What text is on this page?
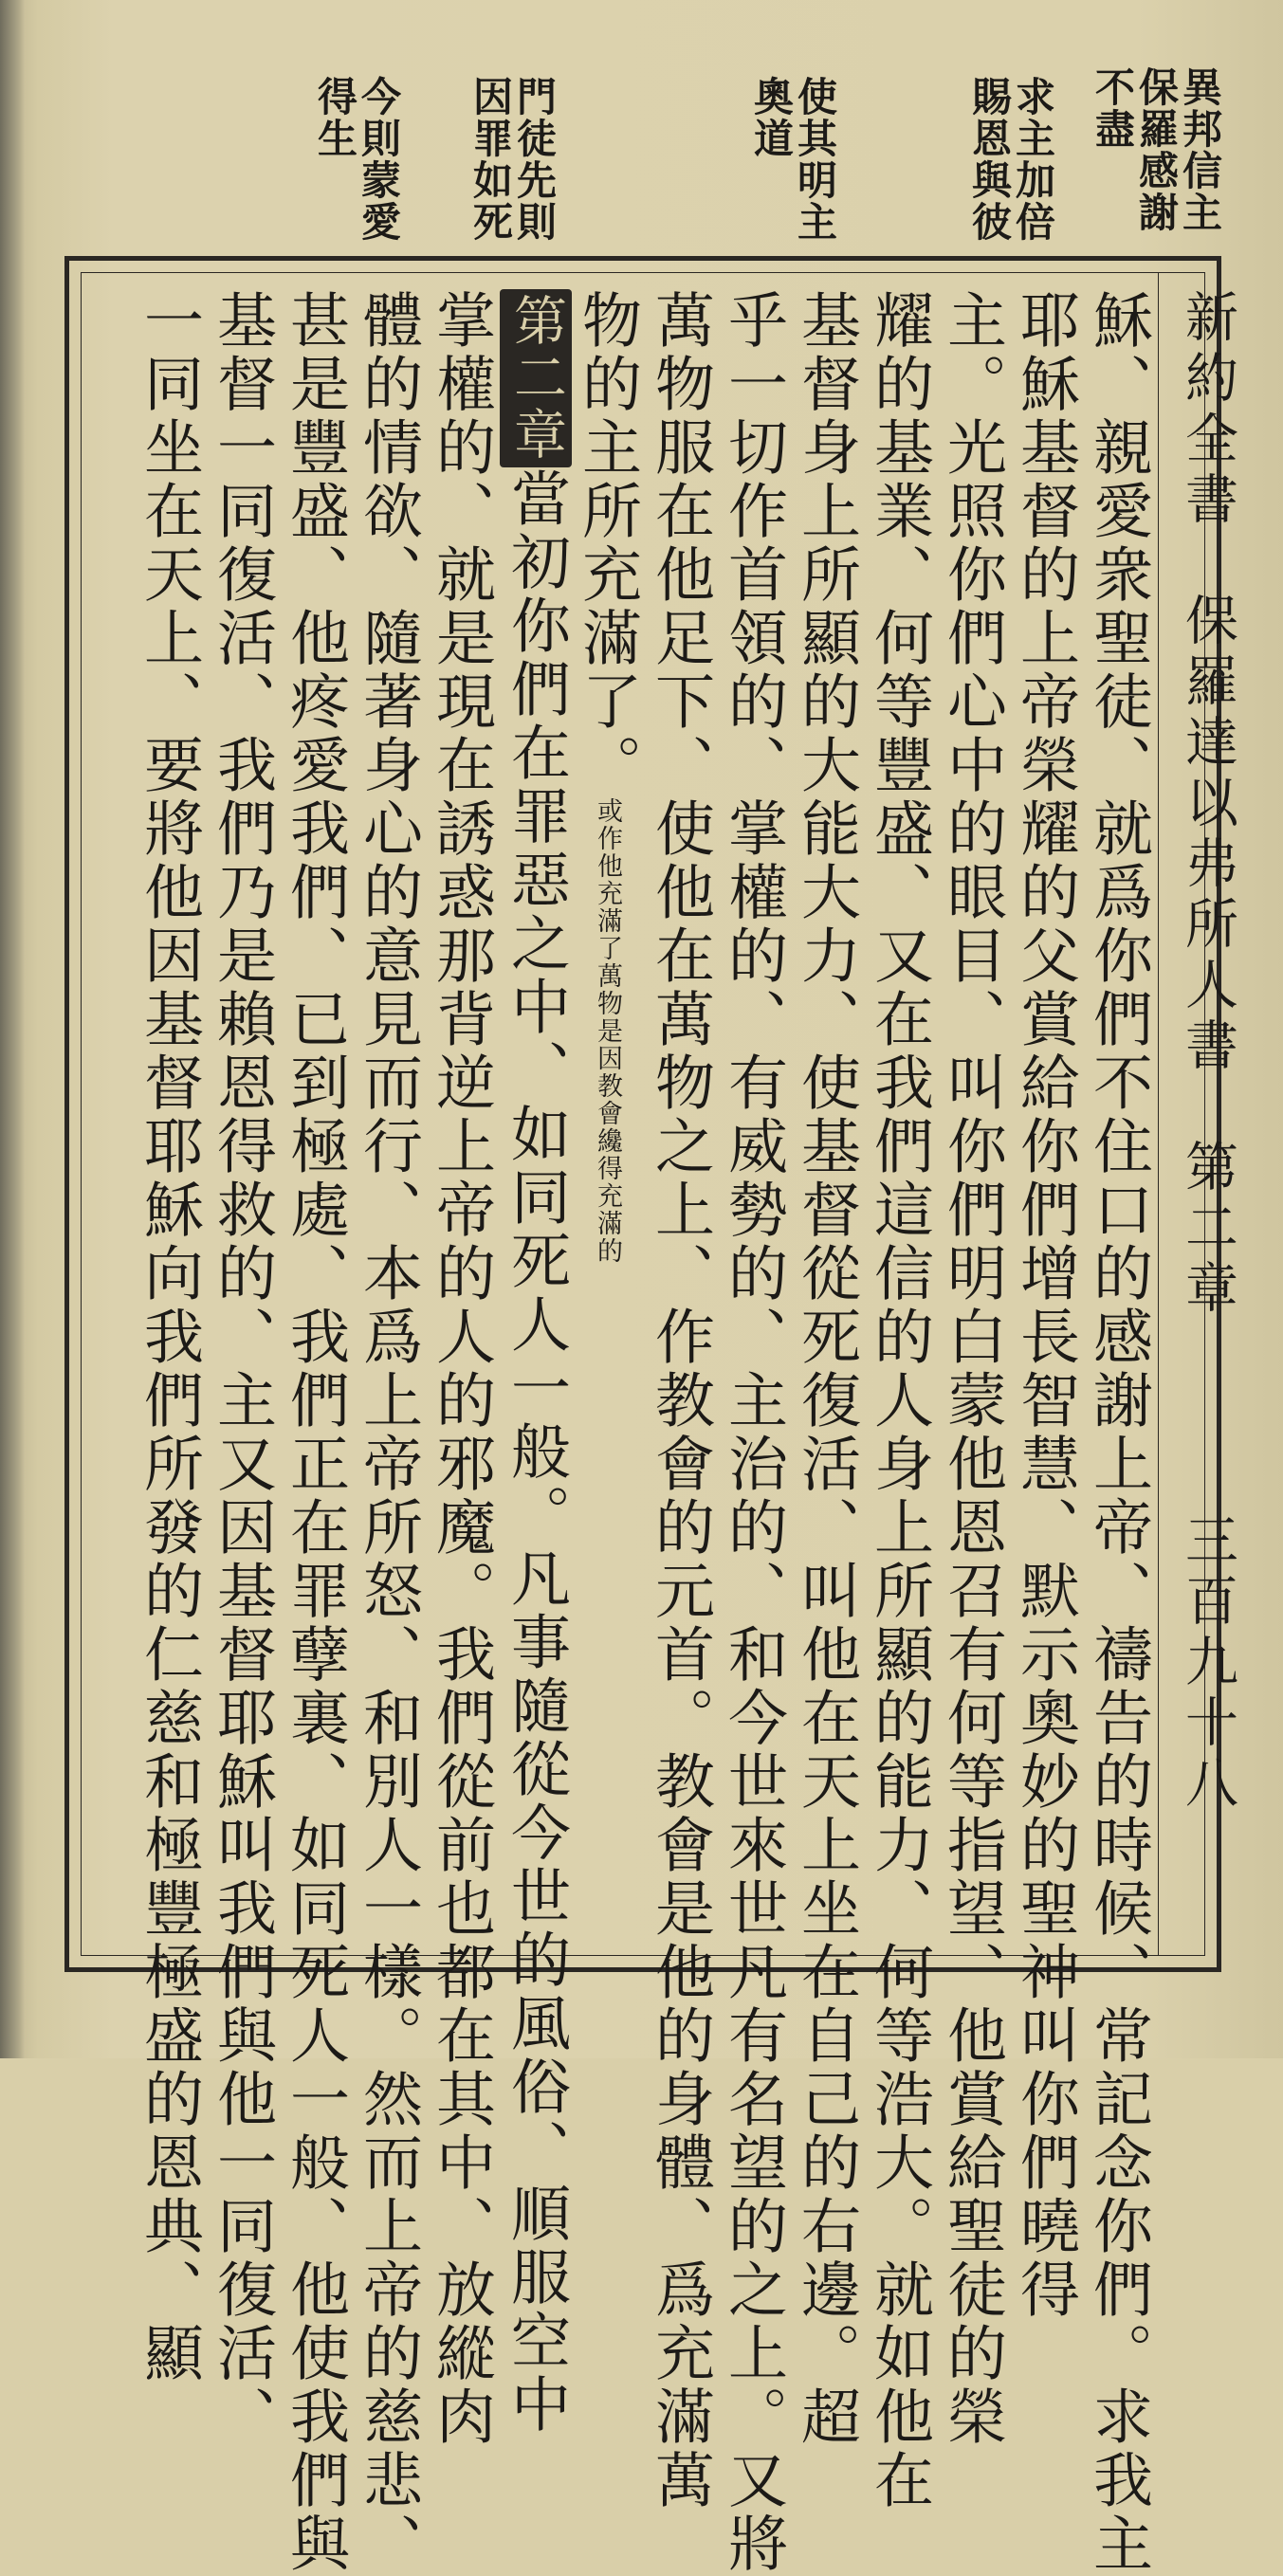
異邦信主保羅感謝不盡
求主加倍賜恩與彼
使其明主奧道
門徒先則因罪如死
今則蒙愛得生
新約全書　保羅達以弗所人書　第二章
三百九十八
穌、親愛衆聖徒、就爲你們不住口的感謝上帝、禱告的時候、常記念你們。求我主
耶穌基督的上帝榮耀的父賞給你們增長智慧、默示奧妙的聖神叫你們曉得
主。光照你們心中的眼目、叫你們明白蒙他恩召有何等指望、他賞給聖徒的榮
耀的基業、何等豐盛、又在我們這信的人身上所顯的能力、何等浩大。就如他在
基督身上所顯的大能大力、使基督從死復活、叫他在天上坐在自己的右邊。超
乎一切作首領的、掌權的、有威勢的、主治的、和今世來世凡有名望的之上。又將
萬物服在他足下、使他在萬物之上、作教會的元首。教會是他的身體、爲充滿萬
物的主所充滿了。或作他充滿了萬物是因教會纔得充滿的
第二章當初你們在罪惡之中、如同死人一般。凡事隨從今世的風俗、順服空中
掌權的、就是現在誘惑那背逆上帝的人的邪魔。我們從前也都在其中、放縱肉
體的情欲、隨著身心的意見而行、本爲上帝所怒、和別人一樣。然而上帝的慈悲、
甚是豐盛、他疼愛我們、已到極處、我們正在罪孽裏、如同死人一般、他使我們與
基督一同復活、我們乃是賴恩得救的、主又因基督耶穌叫我們與他一同復活、
一同坐在天上、要將他因基督耶穌向我們所發的仁慈和極豐極盛的恩典、顯
